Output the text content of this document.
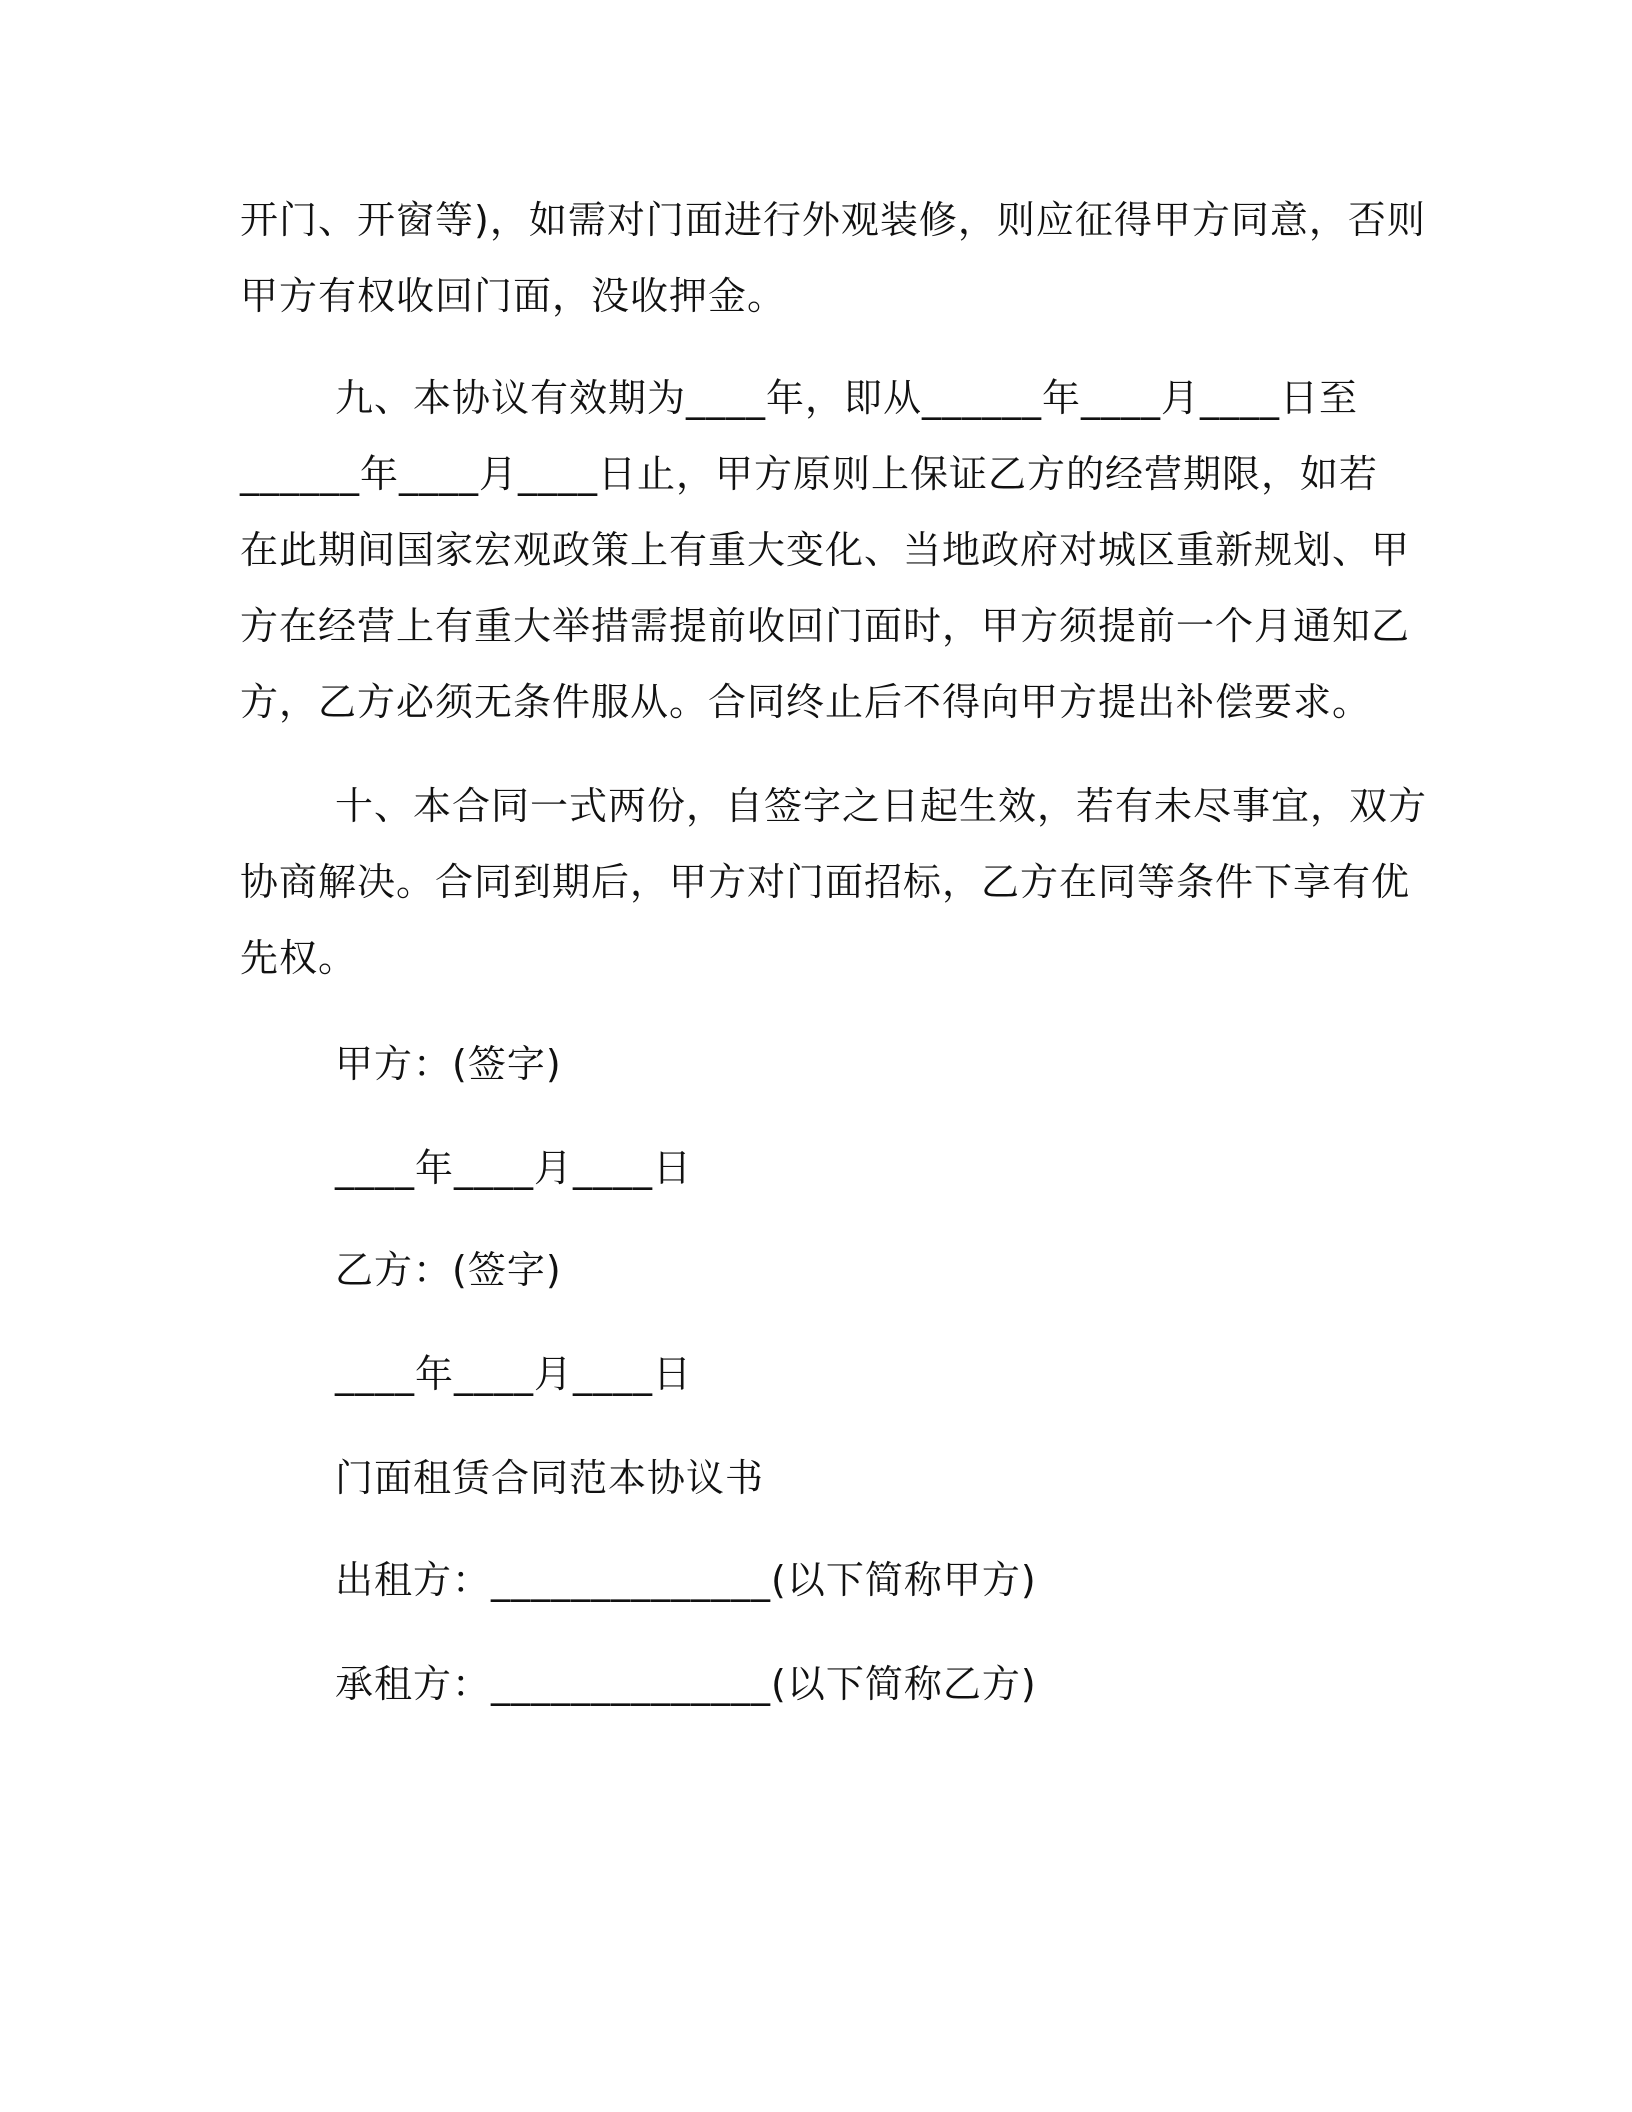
开门、开窗等)，如需对门面进行外观装修，则应征得甲方同意，否则
甲方有权收回门面，没收押金。
九、本协议有效期为____年，即从______年____月____日至
______年____月____日止，甲方原则上保证乙方的经营期限，如若
在此期间国家宏观政策上有重大变化、当地政府对城区重新规划、甲
方在经营上有重大举措需提前收回门面时，甲方须提前一个月通知乙
方，乙方必须无条件服从。合同终止后不得向甲方提出补偿要求。
十、本合同一式两份，自签字之日起生效，若有未尽事宜，双方
协商解决。合同到期后，甲方对门面招标，乙方在同等条件下享有优
先权。
甲方：(签字)
____年____月____日
乙方：(签字)
____年____月____日
门面租赁合同范本协议书
出租方：______________(以下简称甲方)
承租方：______________(以下简称乙方)
